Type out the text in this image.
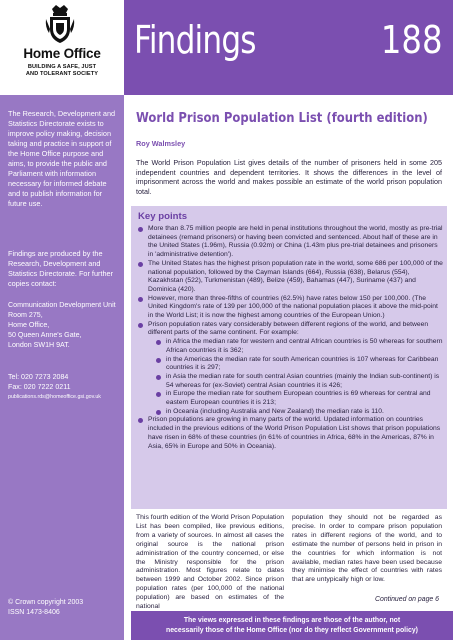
Home Office
BUILDING A SAFE, JUST
AND TOLERANT SOCIETY
Findings	188

The Research, Development and Statistics Directorate exists to improve policy making, decision taking and practice in support of the Home Office purpose and aims, to provide the public and Parliament with information necessary for informed debate and to publish information for future use.

Findings are produced by the Research, Development and Statistics Directorate. For further copies contact:

Communication Development Unit
Room 275,
Home Office,
50 Queen Anne's Gate,
London SW1H 9AT.

Tel: 020 7273 2084
Fax: 020 7222 0211

publications.rds@homeoffice.gsi.gov.uk

© Crown copyright 2003
ISSN 1473-8406

World Prison Population List (fourth edition)
Roy Walmsley

The World Prison Population List gives details of the number of prisoners held in some 205 independent countries and dependent territories. It shows the differences in the level of imprisonment across the world and makes possible an estimate of the world prison population total.

Key points
More than 8.75 million people are held in penal institutions throughout the world, mostly as pre-trial detainees (remand prisoners) or having been convicted and sentenced. About half of these are in the United States (1.96m), Russia (0.92m) or China (1.43m plus pre-trial detainees and prisoners in 'administrative detention').
The United States has the highest prison population rate in the world, some 686 per 100,000 of the national population, followed by the Cayman Islands (664), Russia (638), Belarus (554), Kazakhstan (522), Turkmenistan (489), Belize (459), Bahamas (447), Suriname (437) and Dominica (420).
However, more than three-fifths of countries (62.5%) have rates below 150 per 100,000. (The United Kingdom's rate of 139 per 100,000 of the national population places it above the mid-point in the World List; it is now the highest among countries of the European Union.)
Prison population rates vary considerably between different regions of the world, and between different parts of the same continent. For example:
in Africa the median rate for western and central African countries is 50 whereas for southern African countries it is 362;
in the Americas the median rate for south American countries is 107 whereas for Caribbean countries it is 297;
in Asia the median rate for south central Asian countries (mainly the Indian sub-continent) is 54 whereas for (ex-Soviet) central Asian countries it is 426;
in Europe the median rate for southern European countries is 69 whereas for central and eastern European countries it is 213;
in Oceania (including Australia and New Zealand) the median rate is 110.
Prison populations are growing in many parts of the world. Updated information on countries included in the previous editions of the World Prison Population List shows that prison populations have risen in 68% of these countries (in 61% of countries in Africa, 68% in the Americas, 87% in Asia, 65% in Europe and 50% in Oceania).

This fourth edition of the World Prison Population List has been compiled, like previous editions, from a variety of sources. In almost all cases the original source is the national prison administration of the country concerned, or else the Ministry responsible for the prison administration. Most figures relate to dates between 1999 and October 2002. Since prison population rates (per 100,000 of the national population) are based on estimates of the national

population they should not be regarded as precise. In order to compare prison population rates in different regions of the world, and to estimate the number of persons held in prison in the countries for which information is not available, median rates have been used because they minimise the effect of countries with rates that are untypically high or low.

Continued on page 6
The views expressed in these findings are those of the author, not
necessarily those of the Home Office (nor do they reflect Government policy)
